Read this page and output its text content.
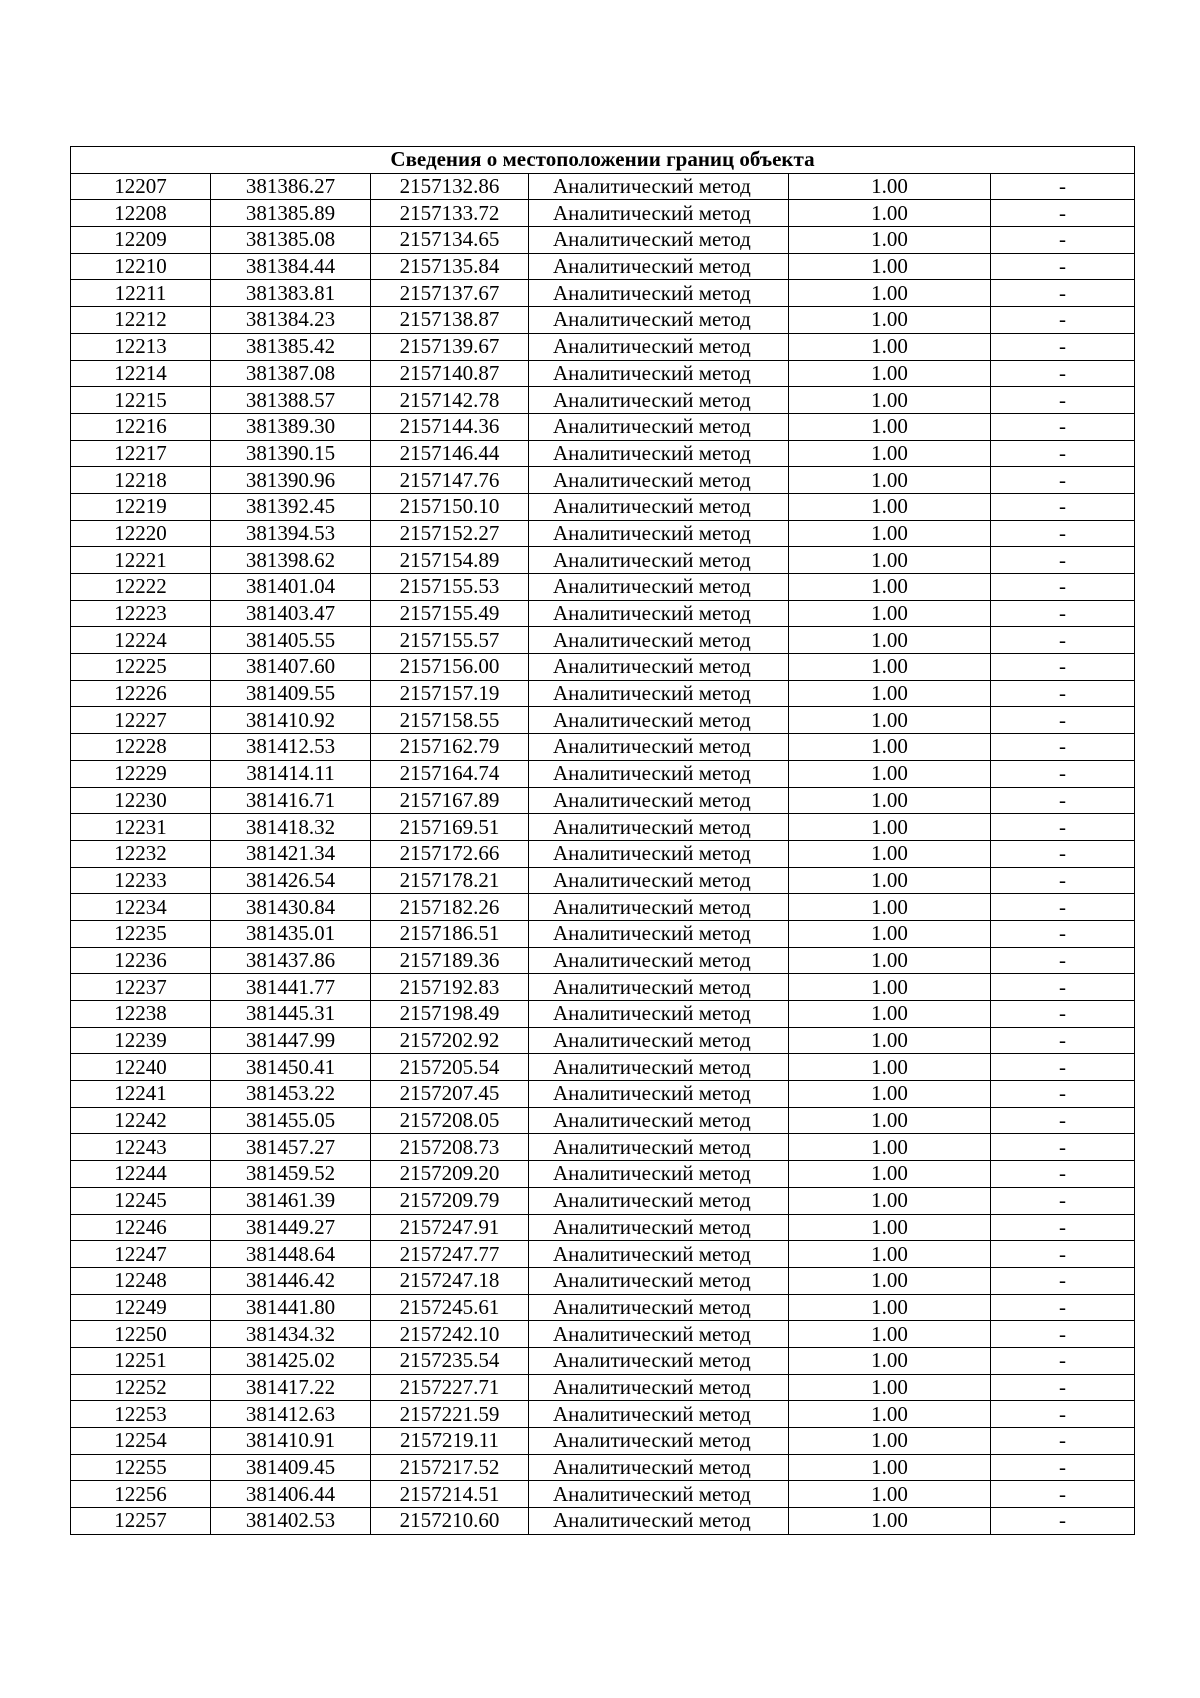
Сведения о местоположении границ объекта					
12207	381386.27	2157132.86	Аналитический метод	1.00	-
12208	381385.89	2157133.72	Аналитический метод	1.00	-
12209	381385.08	2157134.65	Аналитический метод	1.00	-
12210	381384.44	2157135.84	Аналитический метод	1.00	-
12211	381383.81	2157137.67	Аналитический метод	1.00	-
12212	381384.23	2157138.87	Аналитический метод	1.00	-
12213	381385.42	2157139.67	Аналитический метод	1.00	-
12214	381387.08	2157140.87	Аналитический метод	1.00	-
12215	381388.57	2157142.78	Аналитический метод	1.00	-
12216	381389.30	2157144.36	Аналитический метод	1.00	-
12217	381390.15	2157146.44	Аналитический метод	1.00	-
12218	381390.96	2157147.76	Аналитический метод	1.00	-
12219	381392.45	2157150.10	Аналитический метод	1.00	-
12220	381394.53	2157152.27	Аналитический метод	1.00	-
12221	381398.62	2157154.89	Аналитический метод	1.00	-
12222	381401.04	2157155.53	Аналитический метод	1.00	-
12223	381403.47	2157155.49	Аналитический метод	1.00	-
12224	381405.55	2157155.57	Аналитический метод	1.00	-
12225	381407.60	2157156.00	Аналитический метод	1.00	-
12226	381409.55	2157157.19	Аналитический метод	1.00	-
12227	381410.92	2157158.55	Аналитический метод	1.00	-
12228	381412.53	2157162.79	Аналитический метод	1.00	-
12229	381414.11	2157164.74	Аналитический метод	1.00	-
12230	381416.71	2157167.89	Аналитический метод	1.00	-
12231	381418.32	2157169.51	Аналитический метод	1.00	-
12232	381421.34	2157172.66	Аналитический метод	1.00	-
12233	381426.54	2157178.21	Аналитический метод	1.00	-
12234	381430.84	2157182.26	Аналитический метод	1.00	-
12235	381435.01	2157186.51	Аналитический метод	1.00	-
12236	381437.86	2157189.36	Аналитический метод	1.00	-
12237	381441.77	2157192.83	Аналитический метод	1.00	-
12238	381445.31	2157198.49	Аналитический метод	1.00	-
12239	381447.99	2157202.92	Аналитический метод	1.00	-
12240	381450.41	2157205.54	Аналитический метод	1.00	-
12241	381453.22	2157207.45	Аналитический метод	1.00	-
12242	381455.05	2157208.05	Аналитический метод	1.00	-
12243	381457.27	2157208.73	Аналитический метод	1.00	-
12244	381459.52	2157209.20	Аналитический метод	1.00	-
12245	381461.39	2157209.79	Аналитический метод	1.00	-
12246	381449.27	2157247.91	Аналитический метод	1.00	-
12247	381448.64	2157247.77	Аналитический метод	1.00	-
12248	381446.42	2157247.18	Аналитический метод	1.00	-
12249	381441.80	2157245.61	Аналитический метод	1.00	-
12250	381434.32	2157242.10	Аналитический метод	1.00	-
12251	381425.02	2157235.54	Аналитический метод	1.00	-
12252	381417.22	2157227.71	Аналитический метод	1.00	-
12253	381412.63	2157221.59	Аналитический метод	1.00	-
12254	381410.91	2157219.11	Аналитический метод	1.00	-
12255	381409.45	2157217.52	Аналитический метод	1.00	-
12256	381406.44	2157214.51	Аналитический метод	1.00	-
12257	381402.53	2157210.60	Аналитический метод	1.00	-
